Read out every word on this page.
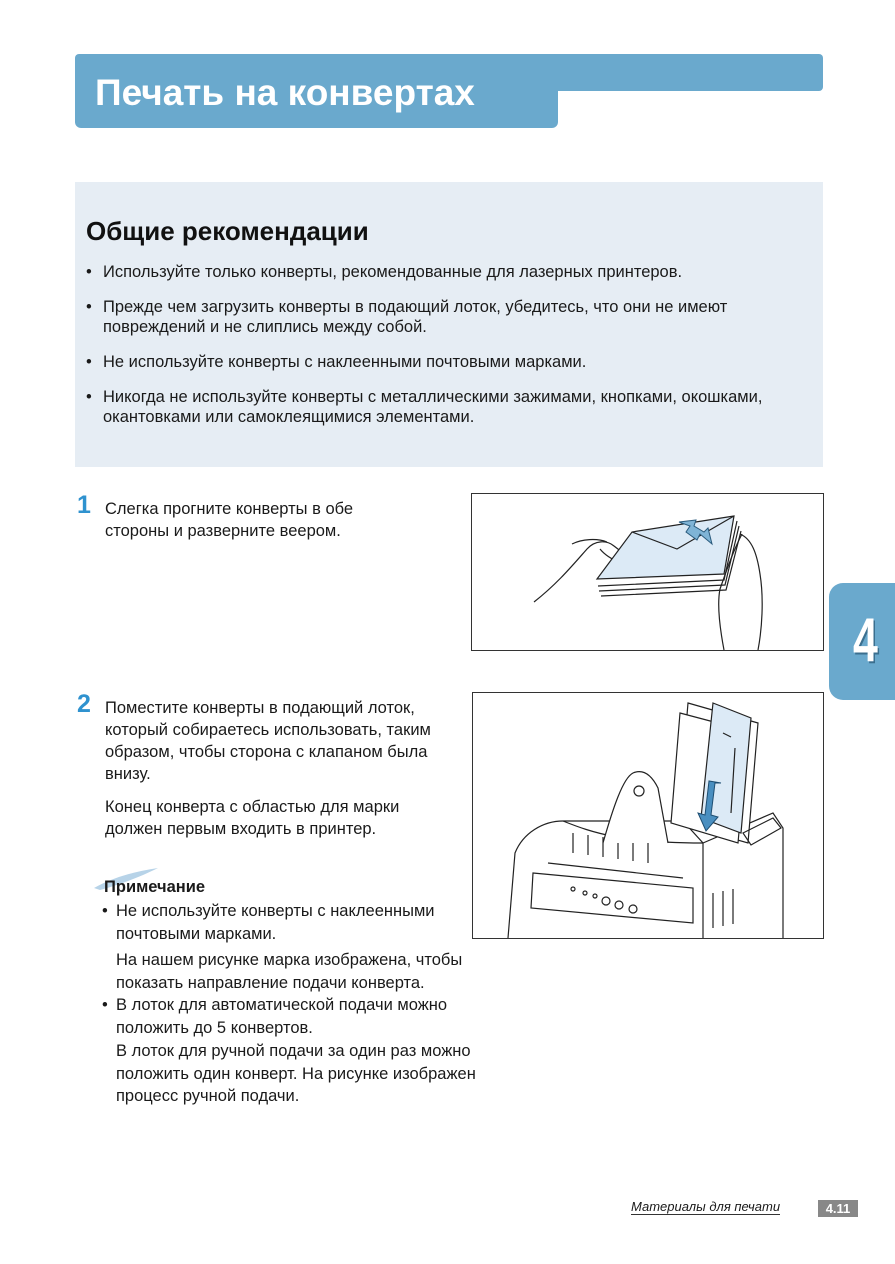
Печать на конвертах
Общие рекомендации
• Используйте только конверты, рекомендованные для лазерных принтеров.
• Прежде чем загрузить конверты в подающий лоток, убедитесь, что они не имеют повреждений и не слиплись между собой.
• Не используйте конверты с наклеенными почтовыми марками.
• Никогда не используйте конверты с металлическими зажимами, кнопками, окошками, окантовками или самоклеящимися элементами.
1 Слегка прогните конверты в обе стороны и разверните веером.

2 Поместите конверты в подающий лоток, который собираетесь использовать, таким образом, чтобы сторона с клапаном была внизу.

Конец конверта с областью для марки должен первым входить в принтер.

Примечание
• Не используйте конверты с наклеенными почтовыми марками.

На нашем рисунке марка изображена, чтобы показать направление подачи конверта.

• В лоток для автоматической подачи можно положить до 5 конвертов.

В лоток для ручной подачи за один раз можно положить один конверт. На рисунке изображен процесс ручной подачи.

4
Материалы для печати	4.11
